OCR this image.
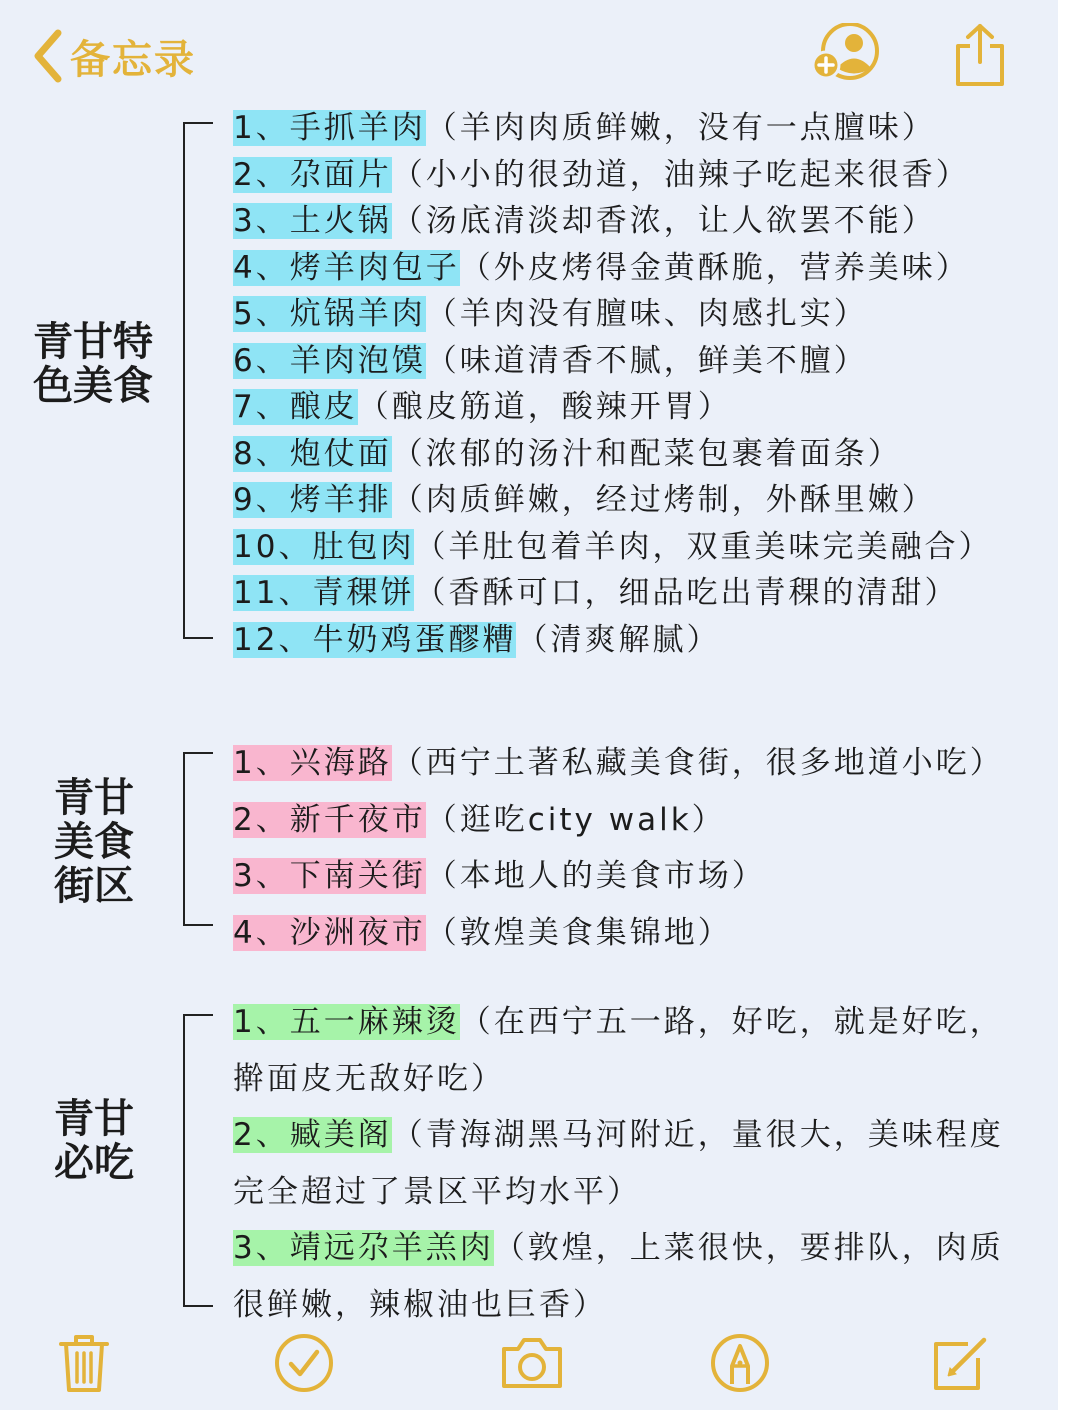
备忘录
青甘特
色美食
1、手抓羊肉（羊肉肉质鲜嫩，没有一点膻味）
2、尕面片（小小的很劲道，油辣子吃起来很香）
3、土火锅（汤底清淡却香浓，让人欲罢不能）
4、烤羊肉包子（外皮烤得金黄酥脆，营养美味）
5、炕锅羊肉（羊肉没有膻味、肉感扎实）
6、羊肉泡馍（味道清香不腻，鲜美不膻）
7、酿皮（酿皮筋道，酸辣开胃）
8、炮仗面（浓郁的汤汁和配菜包裹着面条）
9、烤羊排（肉质鲜嫩，经过烤制，外酥里嫩）
10、肚包肉（羊肚包着羊肉，双重美味完美融合）
11、青稞饼（香酥可口，细品吃出青稞的清甜）
12、牛奶鸡蛋醪糟（清爽解腻）
青甘
美食
街区
1、兴海路（西宁土著私藏美食街，很多地道小吃）
2、新千夜市（逛吃city walk）
3、下南关街（本地人的美食市场）
4、沙洲夜市（敦煌美食集锦地）
青甘
必吃
1、五一麻辣烫（在西宁五一路，好吃，就是好吃，
擀面皮无敌好吃）
2、臧美阁（青海湖黑马河附近，量很大，美味程度
完全超过了景区平均水平）
3、靖远尕羊羔肉（敦煌，上菜很快，要排队，肉质
很鲜嫩，辣椒油也巨香）
